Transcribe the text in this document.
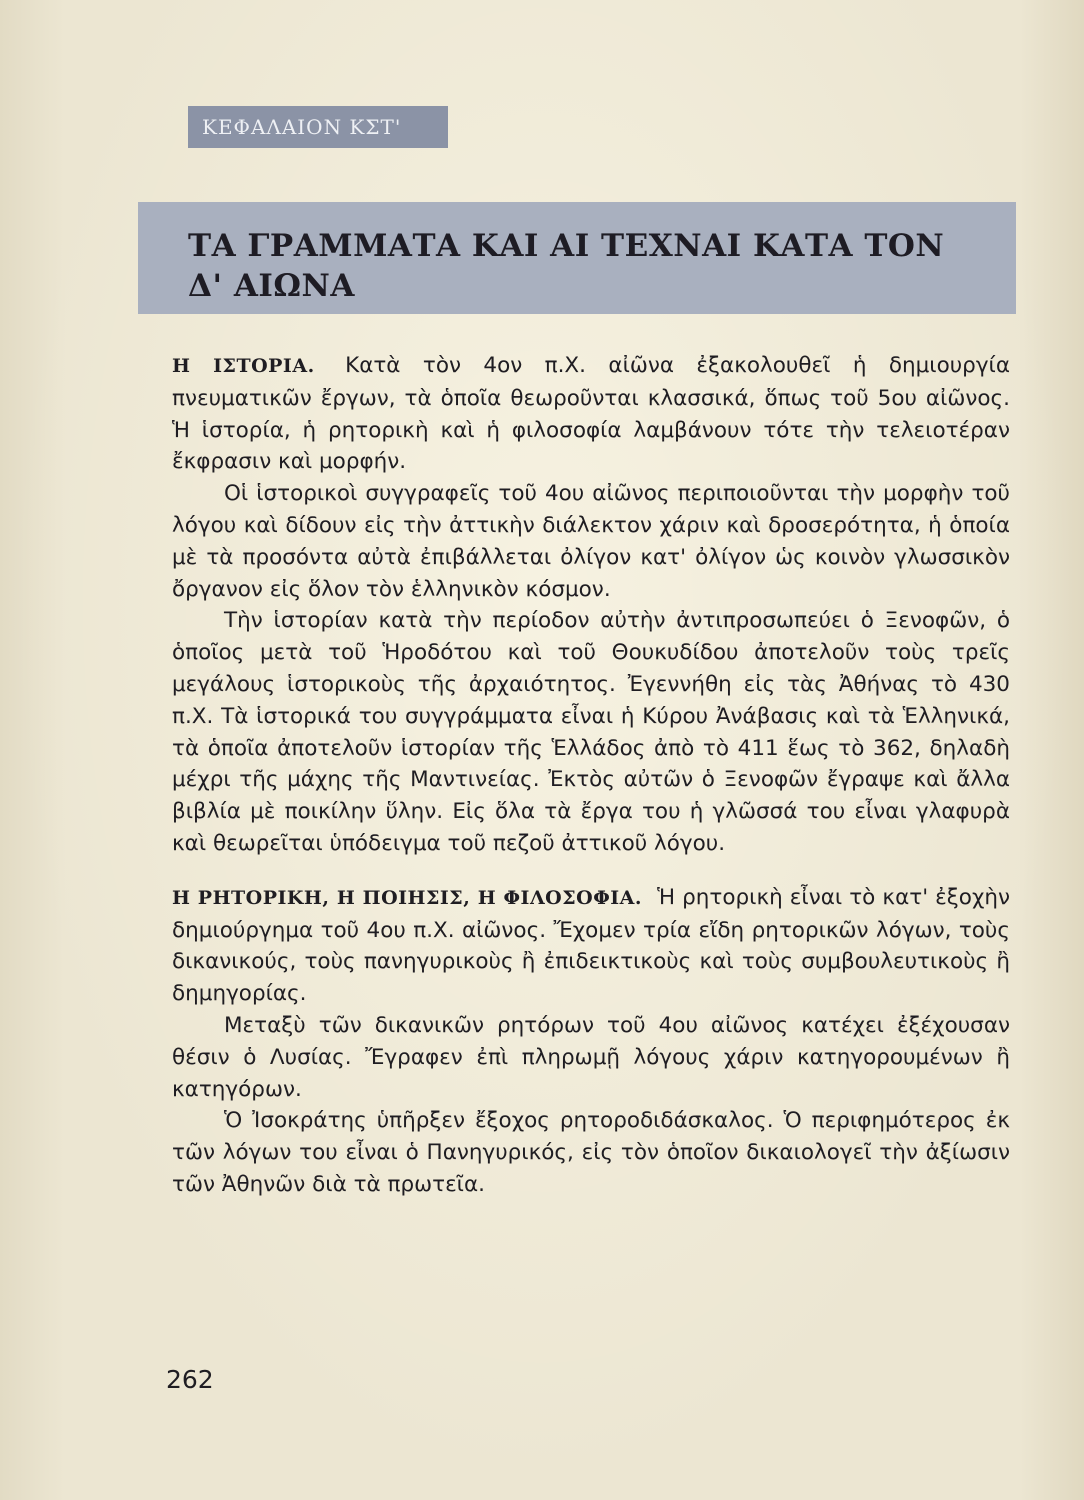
ΚΕΦΑΛΑΙΟΝ ΚΣΤ'
ΤΑ ΓΡΑΜΜΑΤΑ ΚΑΙ ΑΙ ΤΕΧΝΑΙ ΚΑΤΑ ΤΟΝ
Δ' ΑΙΩΝΑ

Η ΙΣΤΟΡΙΑ. Κατὰ τὸν 4ον π.Χ. αἰῶνα ἐξακολουθεῖ ἡ δημιουργία πνευματικῶν ἔργων, τὰ ὁποῖα θεωροῦνται κλασσικά, ὅπως τοῦ 5ου αἰῶνος. Ἡ ἱστορία, ἡ ρητορικὴ καὶ ἡ φιλοσοφία λαμβάνουν τότε τὴν τελειοτέραν ἔκφρασιν καὶ μορφήν.

Οἱ ἱστορικοὶ συγγραφεῖς τοῦ 4ου αἰῶνος περιποιοῦνται τὴν μορφὴν τοῦ λόγου καὶ δίδουν εἰς τὴν ἀττικὴν διάλεκτον χάριν καὶ δροσερότητα, ἡ ὁποία μὲ τὰ προσόντα αὐτὰ ἐπιβάλλεται ὀλίγον κατ' ὀλίγον ὡς κοινὸν γλωσσικὸν ὄργανον εἰς ὅλον τὸν ἑλληνικὸν κόσμον.

Τὴν ἱστορίαν κατὰ τὴν περίοδον αὐτὴν ἀντιπροσωπεύει ὁ Ξενοφῶν, ὁ ὁποῖος μετὰ τοῦ Ἡροδότου καὶ τοῦ Θουκυδίδου ἀποτελοῦν τοὺς τρεῖς μεγάλους ἱστορικοὺς τῆς ἀρχαιότητος. Ἐγεννήθη εἰς τὰς Ἀθήνας τὸ 430 π.Χ. Τὰ ἱστορικά του συγγράμματα εἶναι ἡ Κύρου Ἀνάβασις καὶ τὰ Ἑλληνικά, τὰ ὁποῖα ἀποτελοῦν ἱστορίαν τῆς Ἑλλάδος ἀπὸ τὸ 411 ἕως τὸ 362, δηλαδὴ μέχρι τῆς μάχης τῆς Μαντινείας. Ἐκτὸς αὐτῶν ὁ Ξενοφῶν ἔγραψε καὶ ἄλλα βιβλία μὲ ποικίλην ὕλην. Εἰς ὅλα τὰ ἔργα του ἡ γλῶσσά του εἶναι γλαφυρὰ καὶ θεωρεῖται ὑπόδειγμα τοῦ πεζοῦ ἀττικοῦ λόγου.

Η ΡΗΤΟΡΙΚΗ, Η ΠΟΙΗΣΙΣ, Η ΦΙΛΟΣΟΦΙΑ. Ἡ ρητορικὴ εἶναι τὸ κατ' ἐξοχὴν δημιούργημα τοῦ 4ου π.Χ. αἰῶνος. Ἔχομεν τρία εἴδη ρητορικῶν λόγων, τοὺς δικανικούς, τοὺς πανηγυρικοὺς ἢ ἐπιδεικτικοὺς καὶ τοὺς συμβουλευτικοὺς ἢ δημηγορίας.

Μεταξὺ τῶν δικανικῶν ρητόρων τοῦ 4ου αἰῶνος κατέχει ἐξέχουσαν θέσιν ὁ Λυσίας. Ἔγραφεν ἐπὶ πληρωμῇ λόγους χάριν κατηγορουμένων ἢ κατηγόρων.

Ὁ Ἰσοκράτης ὑπῆρξεν ἔξοχος ρητοροδιδάσκαλος. Ὁ περιφημότερος ἐκ τῶν λόγων του εἶναι ὁ Πανηγυρικός, εἰς τὸν ὁποῖον δικαιολογεῖ τὴν ἀξίωσιν τῶν Ἀθηνῶν διὰ τὰ πρωτεῖα.

262
